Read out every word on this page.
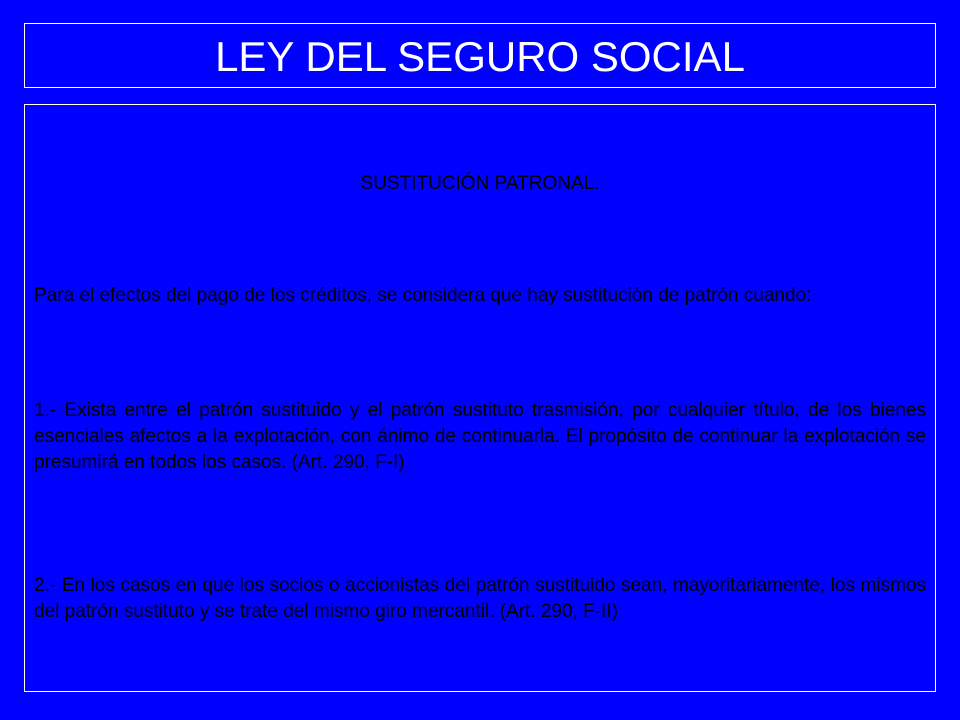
LEY DEL SEGURO SOCIAL
SUSTITUCIÓN PATRONAL.

Para el efectos del pago de los créditos, se considera que hay sustitución de patrón cuando:

1.- Exista entre el patrón sustituido y el patrón sustituto trasmisión, por cualquier título, de los bienes esenciales afectos a la explotación, con ánimo de continuarla. El propósito de continuar la explotación se presumirá en todos los casos. (Art. 290, F-I)

2.- En los casos en que los socios o accionistas del patrón sustituido sean, mayoritariamente, los mismos del patrón sustituto y se trate del mismo giro mercantil. (Art. 290, F-II)
